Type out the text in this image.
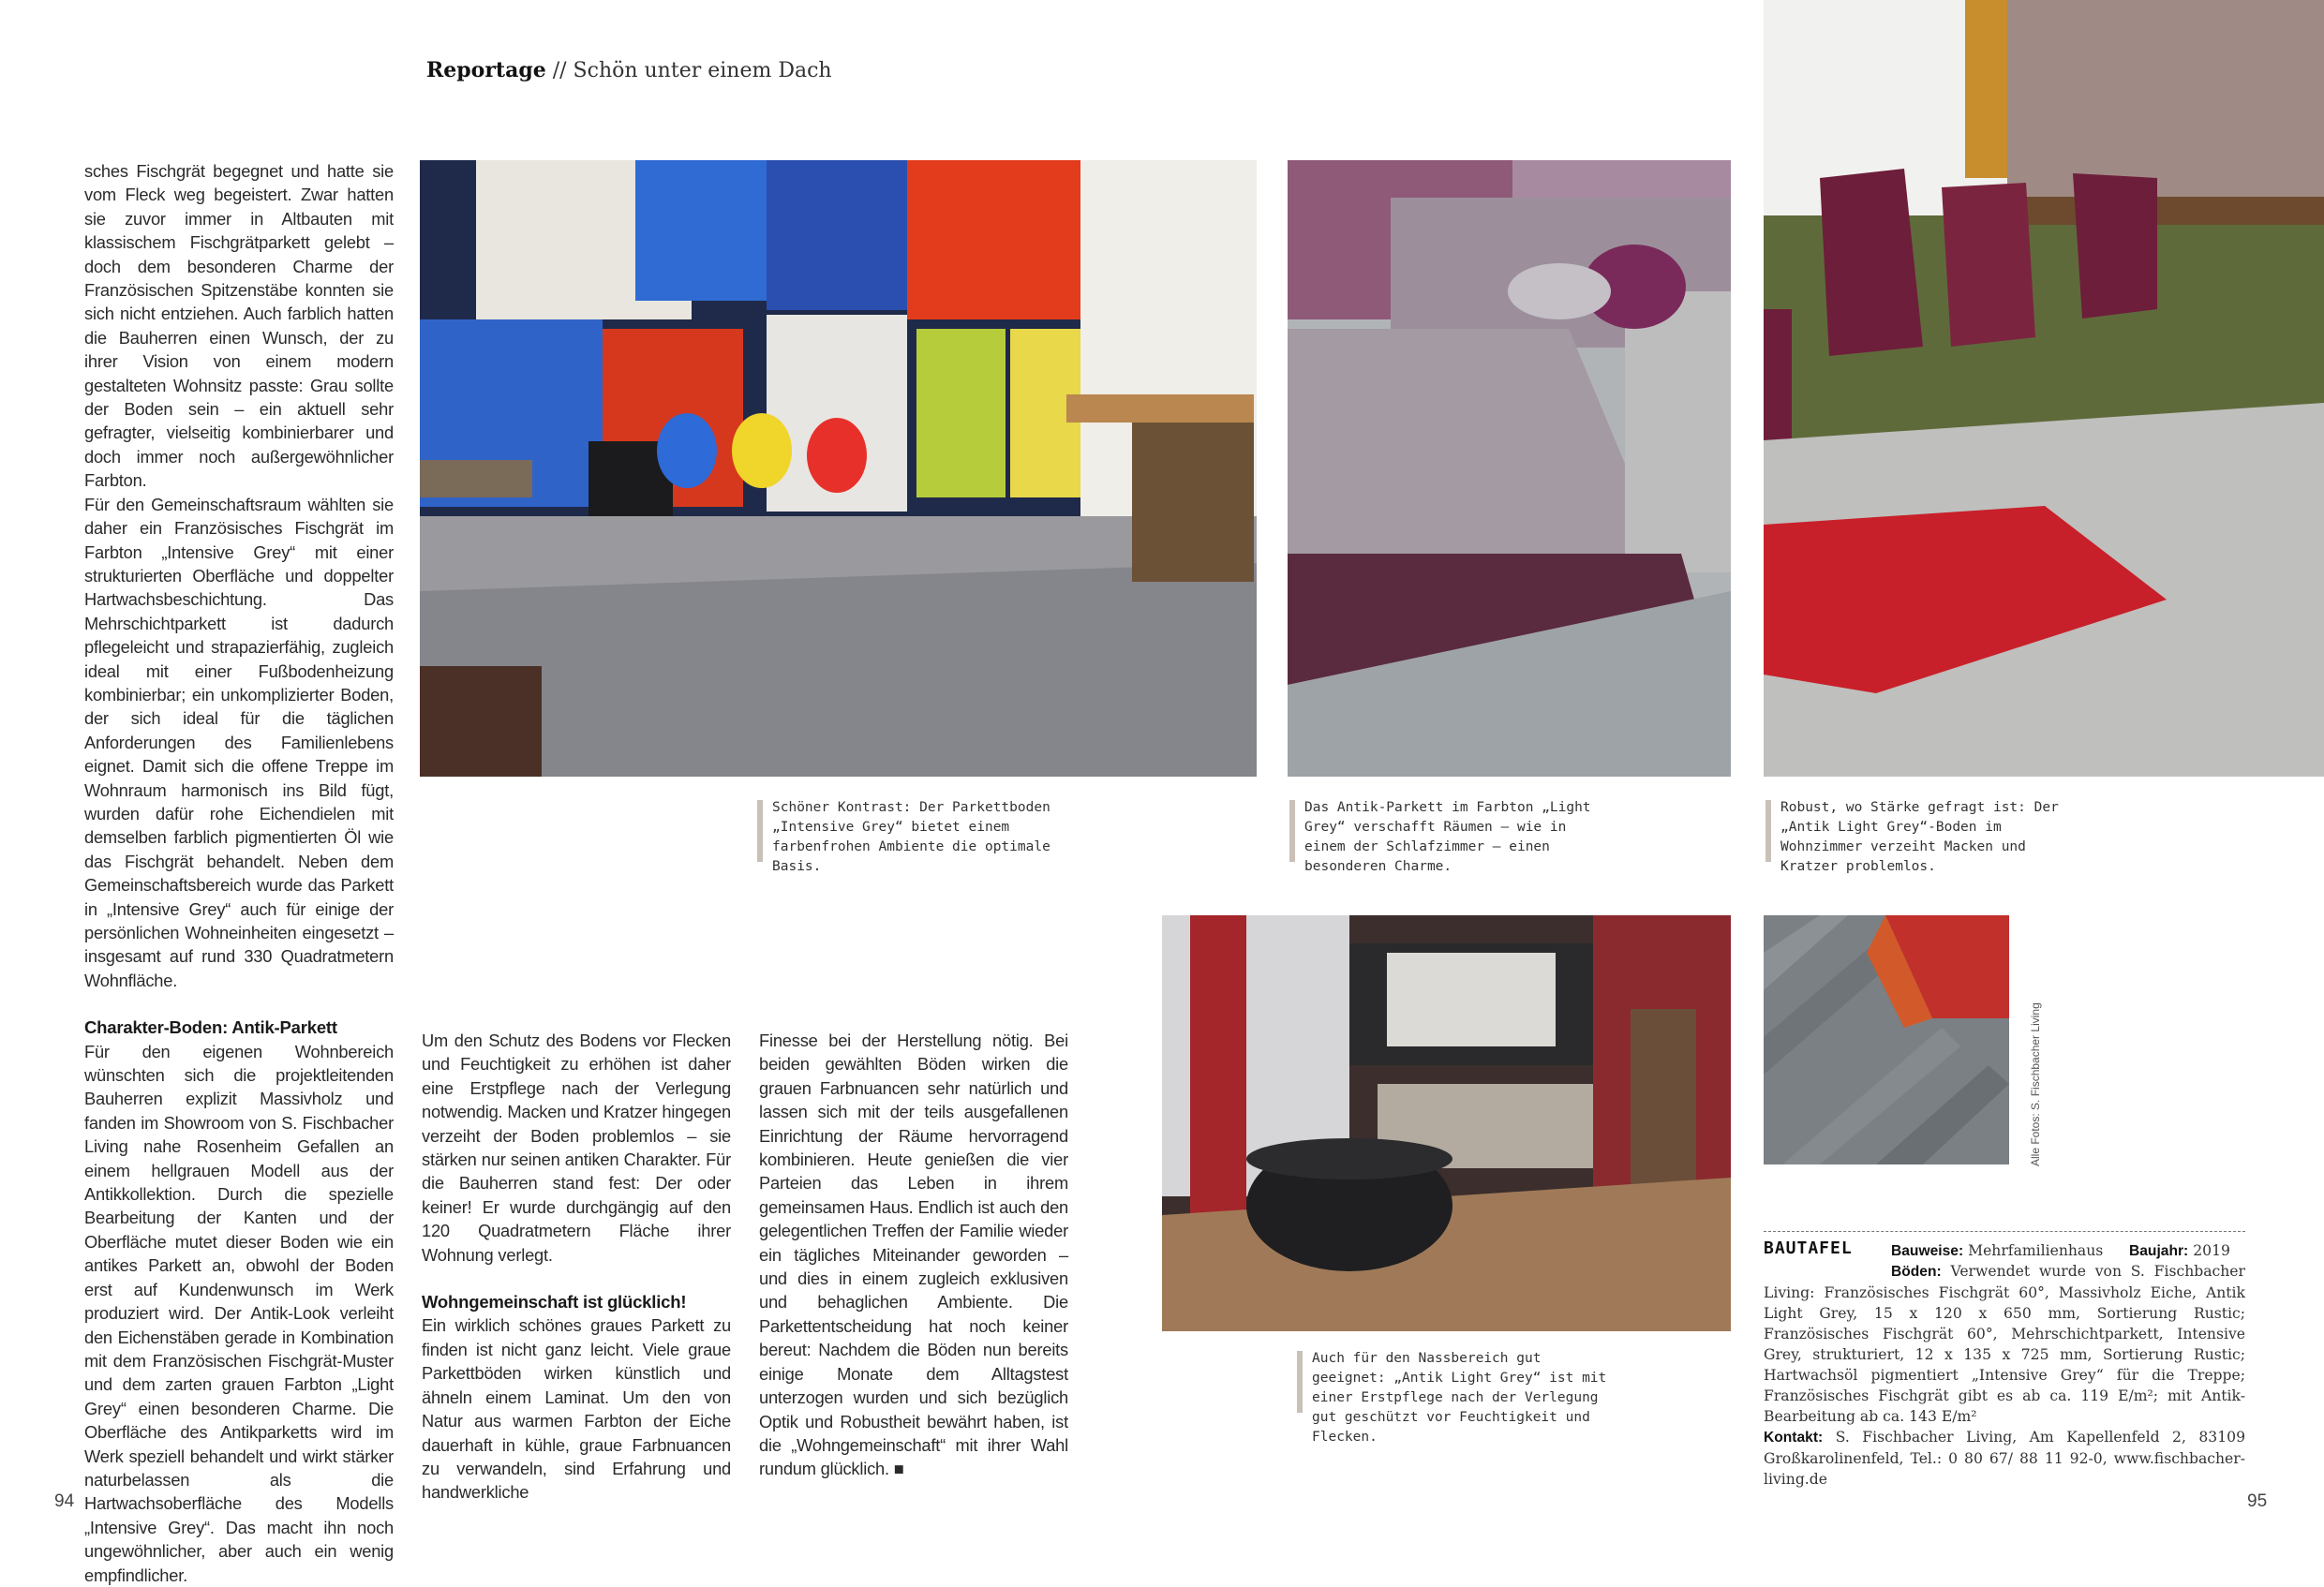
Reportage // Schön unter einem Dach

sches Fischgrät begegnet und hatte sie vom Fleck weg begeistert. Zwar hatten sie zuvor immer in Altbauten mit klassischem Fischgrätparkett gelebt – doch dem besonderen Charme der Französischen Spitzenstäbe konnten sie sich nicht entziehen. Auch farblich hatten die Bauherren einen Wunsch, der zu ihrer Vision von einem modern gestalteten Wohnsitz passte: Grau sollte der Boden sein – ein aktuell sehr gefragter, vielseitig kombinierbarer und doch immer noch außergewöhnlicher Farbton.

Für den Gemeinschaftsraum wählten sie daher ein Französisches Fischgrät im Farbton „Intensive Grey“ mit einer strukturierten Oberfläche und doppelter Hartwachsbeschichtung. Das Mehrschichtparkett ist dadurch pflegeleicht und strapazierfähig, zugleich ideal mit einer Fußbodenheizung kombinierbar; ein unkomplizierter Boden, der sich ideal für die täglichen Anforderungen des Familienlebens eignet. Damit sich die offene Treppe im Wohnraum harmonisch ins Bild fügt, wurden dafür rohe Eichendielen mit demselben farblich pigmentierten Öl wie das Fischgrät behandelt. Neben dem Gemeinschaftsbereich wurde das Parkett in „Intensive Grey“ auch für einige der persönlichen Wohneinheiten eingesetzt – insgesamt auf rund 330 Quadratmetern Wohnfläche.

Charakter-Boden: Antik-Parkett

Für den eigenen Wohnbereich wünschten sich die projektleitenden Bauherren explizit Massivholz und fanden im Showroom von S. Fischbacher Living nahe Rosenheim Gefallen an einem hellgrauen Modell aus der Antikkollektion. Durch die spezielle Bearbeitung der Kanten und der Oberfläche mutet dieser Boden wie ein antikes Parkett an, obwohl der Boden erst auf Kundenwunsch im Werk produziert wird. Der Antik-Look verleiht den Eichenstäben gerade in Kombination mit dem Französischen Fischgrät-Muster und dem zarten grauen Farbton „Light Grey“ einen besonderen Charme. Die Oberfläche des Antikparketts wird im Werk speziell behandelt und wirkt stärker naturbelassen als die Hartwachsoberfläche des Modells „Intensive Grey“. Das macht ihn noch ungewöhnlicher, aber auch ein wenig empfindlicher.

Um den Schutz des Bodens vor Flecken und Feuchtigkeit zu erhöhen ist daher eine Erstpflege nach der Verlegung notwendig. Macken und Kratzer hingegen verzeiht der Boden problemlos – sie stärken nur seinen antiken Charakter. Für die Bauherren stand fest: Der oder keiner! Er wurde durchgängig auf den 120 Quadratmetern Fläche ihrer Wohnung verlegt.

Wohngemeinschaft ist glücklich!

Ein wirklich schönes graues Parkett zu finden ist nicht ganz leicht. Viele graue Parkettböden wirken künstlich und ähneln einem Laminat. Um den von Natur aus warmen Farbton der Eiche dauerhaft in kühle, graue Farbnuancen zu verwandeln, sind Erfahrung und handwerkliche

Finesse bei der Herstellung nötig. Bei beiden gewählten Böden wirken die grauen Farbnuancen sehr natürlich und lassen sich mit der teils ausgefallenen Einrichtung der Räume hervorragend kombinieren. Heute genießen die vier Parteien das Leben in ihrem gemeinsamen Haus. Endlich ist auch den gelegentlichen Treffen der Familie wieder ein tägliches Miteinander geworden – und dies in einem zugleich exklusiven und behaglichen Ambiente. Die Parkettentscheidung hat noch keiner bereut: Nachdem die Böden nun bereits einige Monate dem Alltagstest unterzogen wurden und sich bezüglich Optik und Robustheit bewährt haben, ist die „Wohngemeinschaft“ mit ihrer Wahl rundum glücklich. ■

Schöner Kontrast: Der Parkettboden „Intensive Grey“ bietet einem farbenfrohen Ambiente die optimale Basis.
Das Antik-Parkett im Farbton „Light Grey“ verschafft Räumen – wie in einem der Schlafzimmer – einen besonderen Charme.
Robust, wo Stärke gefragt ist: Der „Antik Light Grey“-Boden im Wohnzimmer verzeiht Macken und Kratzer problemlos.
Auch für den Nassbereich gut geeignet: „Antik Light Grey“ ist mit einer Erstpflege nach der Verlegung gut geschützt vor Feuchtigkeit und Flecken.
Alle Fotos: S. Fischbacher Living
BAUTAFEL	Bauweise: Mehrfamilienhaus Baujahr: 2019
Böden: Verwendet wurde von S. Fischbacher Living: Französisches Fischgrät 60°, Massivholz Eiche, Antik Light Grey, 15 x 120 x 650 mm, Sortierung Rustic; Französisches Fischgrät 60°, Mehrschichtparkett, Intensive Grey, strukturiert, 12 x 135 x 725 mm, Sortierung Rustic; Hartwachsöl pigmentiert „Intensive Grey“ für die Treppe; Französisches Fischgrät gibt es ab ca. 119 E/m²; mit Antik-Bearbeitung ab ca. 143 E/m²
Kontakt: S. Fischbacher Living, Am Kapellenfeld 2, 83109 Großkarolinenfeld, Tel.: 0 80 67/ 88 11 92-0, www.fischbacher-living.de
94	95
